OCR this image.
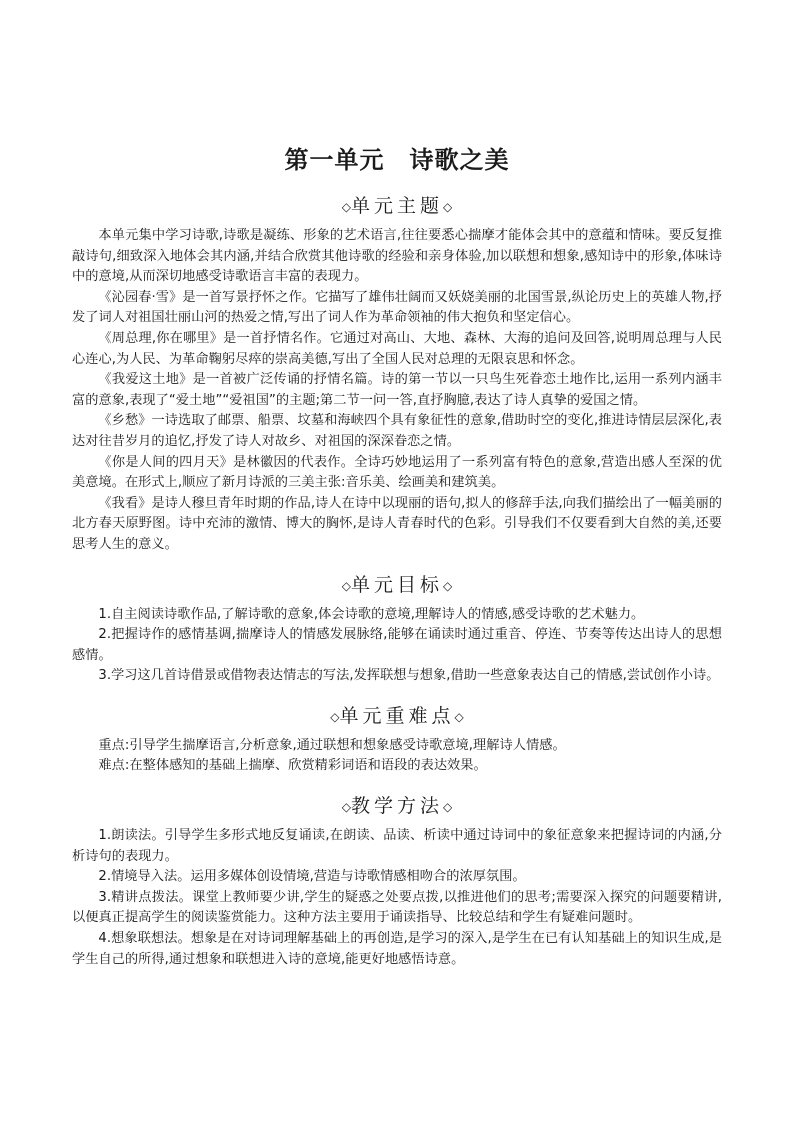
第一单元　诗歌之美
◇单元主题◇

本单元集中学习诗歌,诗歌是凝练、形象的艺术语言,往往要悉心揣摩才能体会其中的意蕴和情味。要反复推敲诗句,细致深入地体会其内涵,并结合欣赏其他诗歌的经验和亲身体验,加以联想和想象,感知诗中的形象,体味诗中的意境,从而深切地感受诗歌语言丰富的表现力。

《沁园春·雪》是一首写景抒怀之作。它描写了雄伟壮阔而又妖娆美丽的北国雪景,纵论历史上的英雄人物,抒发了词人对祖国壮丽山河的热爱之情,写出了词人作为革命领袖的伟大抱负和坚定信心。

《周总理,你在哪里》是一首抒情名作。它通过对高山、大地、森林、大海的追问及回答,说明周总理与人民心连心,为人民、为革命鞠躬尽瘁的崇高美德,写出了全国人民对总理的无限哀思和怀念。

《我爱这土地》是一首被广泛传诵的抒情名篇。诗的第一节以一只鸟生死眷恋土地作比,运用一系列内涵丰富的意象,表现了“爱土地”“爱祖国”的主题;第二节一问一答,直抒胸臆,表达了诗人真挚的爱国之情。

《乡愁》一诗选取了邮票、船票、坟墓和海峡四个具有象征性的意象,借助时空的变化,推进诗情层层深化,表达对往昔岁月的追忆,抒发了诗人对故乡、对祖国的深深眷恋之情。

《你是人间的四月天》是林徽因的代表作。全诗巧妙地运用了一系列富有特色的意象,营造出感人至深的优美意境。在形式上,顺应了新月诗派的三美主张:音乐美、绘画美和建筑美。

《我看》是诗人穆旦青年时期的作品,诗人在诗中以现丽的语句,拟人的修辞手法,向我们描绘出了一幅美丽的北方春天原野图。诗中充沛的激情、博大的胸怀,是诗人青春时代的色彩。引导我们不仅要看到大自然的美,还要思考人生的意义。

◇单元目标◇

1.自主阅读诗歌作品,了解诗歌的意象,体会诗歌的意境,理解诗人的情感,感受诗歌的艺术魅力。

2.把握诗作的感情基调,揣摩诗人的情感发展脉络,能够在诵读时通过重音、停连、节奏等传达出诗人的思想感情。

3.学习这几首诗借景或借物表达情志的写法,发挥联想与想象,借助一些意象表达自己的情感,尝试创作小诗。

◇单元重难点◇

重点:引导学生揣摩语言,分析意象,通过联想和想象感受诗歌意境,理解诗人情感。

难点:在整体感知的基础上揣摩、欣赏精彩词语和语段的表达效果。

◇教学方法◇

1.朗读法。引导学生多形式地反复诵读,在朗读、品读、析读中通过诗词中的象征意象来把握诗词的内涵,分析诗句的表现力。

2.情境导入法。运用多媒体创设情境,营造与诗歌情感相吻合的浓厚氛围。

3.精讲点拨法。课堂上教师要少讲,学生的疑惑之处要点拨,以推进他们的思考;需要深入探究的问题要精讲,以便真正提高学生的阅读鉴赏能力。这种方法主要用于诵读指导、比较总结和学生有疑难问题时。

4.想象联想法。想象是在对诗词理解基础上的再创造,是学习的深入,是学生在已有认知基础上的知识生成,是学生自己的所得,通过想象和联想进入诗的意境,能更好地感悟诗意。
